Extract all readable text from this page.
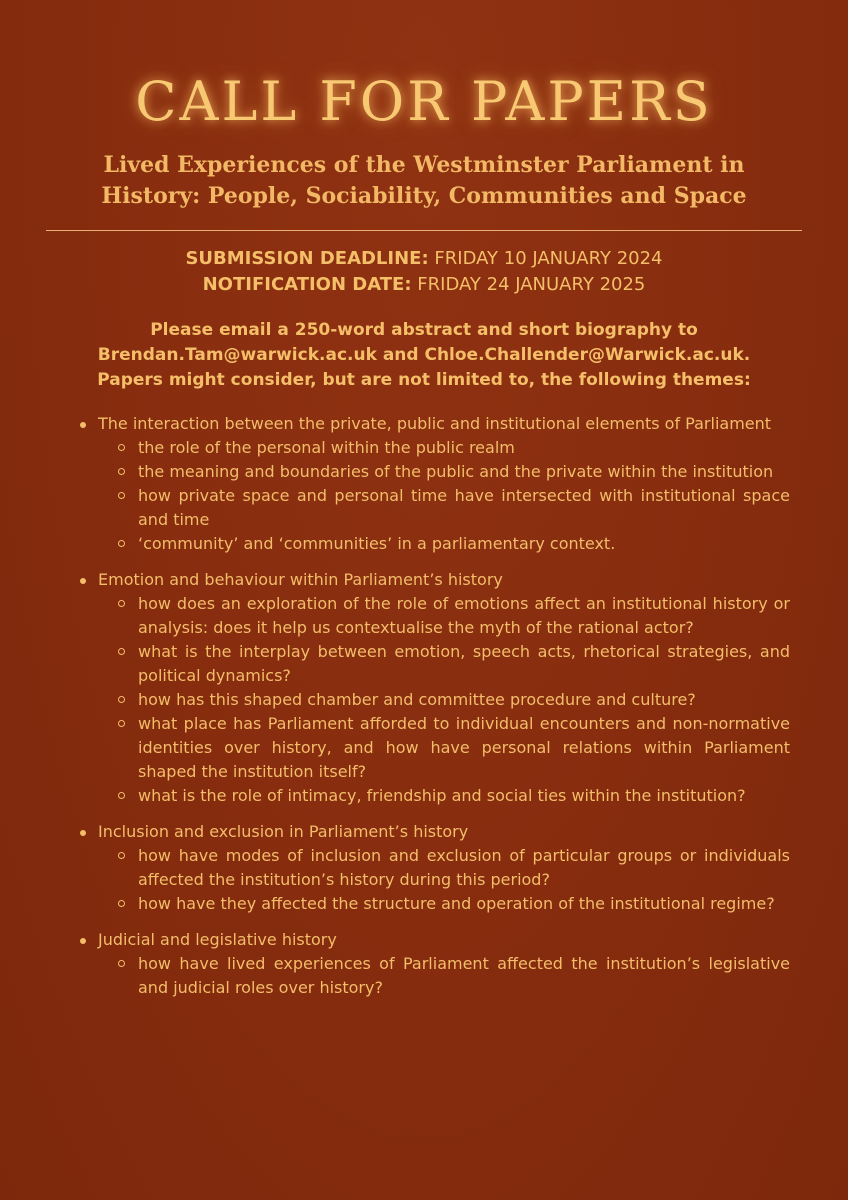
CALL FOR PAPERS
Lived Experiences of the Westminster Parliament in
History: People, Sociability, Communities and Space
SUBMISSION DEADLINE: FRIDAY 10 JANUARY 2024
NOTIFICATION DATE: FRIDAY 24 JANUARY 2025
Please email a 250-word abstract and short biography to
Brendan.Tam@warwick.ac.uk and Chloe.Challender@Warwick.ac.uk.
Papers might consider, but are not limited to, the following themes:
The interaction between the private, public and institutional elements of Parliament
the role of the personal within the public realm
the meaning and boundaries of the public and the private within the institution
how private space and personal time have intersected with institutional space and time
‘community’ and ‘communities’ in a parliamentary context.
Emotion and behaviour within Parliament’s history
how does an exploration of the role of emotions affect an institutional history or analysis: does it help us contextualise the myth of the rational actor?
what is the interplay between emotion, speech acts, rhetorical strategies, and political dynamics?
how has this shaped chamber and committee procedure and culture?
what place has Parliament afforded to individual encounters and non-normative identities over history, and how have personal relations within Parliament shaped the institution itself?
what is the role of intimacy, friendship and social ties within the institution?
Inclusion and exclusion in Parliament’s history
how have modes of inclusion and exclusion of particular groups or individuals affected the institution’s history during this period?
how have they affected the structure and operation of the institutional regime?
Judicial and legislative history
how have lived experiences of Parliament affected the institution’s legislative and judicial roles over history?
